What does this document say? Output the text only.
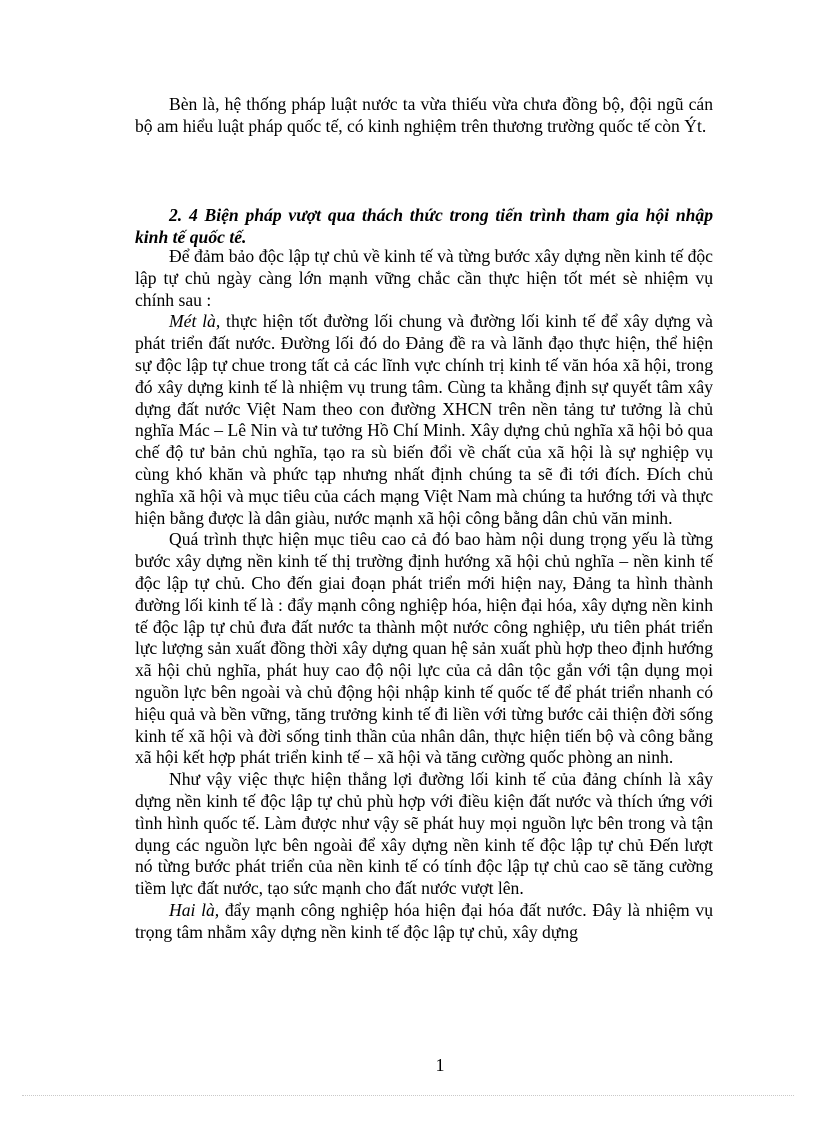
Bèn là, hệ thống pháp luật nước ta vừa thiếu vừa chưa đồng bộ, đội ngũ cán bộ am hiểu luật pháp quốc tế, có kinh nghiệm trên thương trường quốc tế còn Ýt.

2. 4 Biện pháp vượt qua thách thức trong tiến trình tham gia hội nhập kinh tế quốc tế.

Để đảm bảo độc lập tự chủ về kinh tế và từng bước xây dựng nền kinh tế độc lập tự chủ ngày càng lớn mạnh vững chắc cần thực hiện tốt mét sè nhiệm vụ chính sau :

Mét là, thực hiện tốt đường lối chung và đường lối kinh tế để xây dựng và phát triển đất nước. Đường lối đó do Đảng đề ra và lãnh đạo thực hiện, thể hiện sự độc lập tự chue trong tất cả các lĩnh vực chính trị kinh tế văn hóa xã hội, trong đó xây dựng kinh tế là nhiệm vụ trung tâm. Cùng ta khẳng định sự quyết tâm xây dựng đất nước Việt Nam theo con đường XHCN trên nền tảng tư tưởng là chủ nghĩa Mác – Lê Nin và tư tưởng Hồ Chí Minh. Xây dựng chủ nghĩa xã hội bỏ qua chế độ tư bản chủ nghĩa, tạo ra sù biến đổi về chất của xã hội là sự nghiệp vụ cùng khó khăn và phức tạp nhưng nhất định chúng ta sẽ đi tới đích. Đích chủ nghĩa xã hội và mục tiêu của cách mạng Việt Nam mà chúng ta hướng tới và thực hiện bằng được là dân giàu, nước mạnh xã hội công bằng dân chủ văn minh.

Quá trình thực hiện mục tiêu cao cả đó bao hàm nội dung trọng yếu là từng bước xây dựng nền kinh tế thị trường định hướng xã hội chủ nghĩa – nền kinh tế độc lập tự chủ. Cho đến giai đoạn phát triển mới hiện nay, Đảng ta hình thành đường lối kinh tế là : đẩy mạnh công nghiệp hóa, hiện đại hóa, xây dựng nền kinh tế độc lập tự chủ đưa đất nước ta thành một nước công nghiệp, ưu tiên phát triển lực lượng sản xuất đồng thời xây dựng quan hệ sản xuất phù hợp theo định hướng xã hội chủ nghĩa, phát huy cao độ nội lực của cả dân tộc gắn với tận dụng mọi nguồn lực bên ngoài và chủ động hội nhập kinh tế quốc tế để phát triển nhanh có hiệu quả và bền vững, tăng trưởng kinh tế đi liền với từng bước cải thiện đời sống kinh tế xã hội và đời sống tinh thần của nhân dân, thực hiện tiến bộ và công bằng xã hội kết hợp phát triển kinh tế – xã hội và tăng cường quốc phòng an ninh.

Như vậy việc thực hiện thắng lợi đường lối kinh tế của đảng chính là xây dựng nền kinh tế độc lập tự chủ phù hợp với điều kiện đất nước và thích ứng với tình hình quốc tế. Làm được như vậy sẽ phát huy mọi nguồn lực bên trong và tận dụng các nguồn lực bên ngoài để xây dựng nền kinh tế độc lập tự chủ Đến lượt nó từng bước phát triển của nền kinh tế có tính độc lập tự chủ cao sẽ tăng cường tiềm lực đất nước, tạo sức mạnh cho đất nước vượt lên.

Hai là, đẩy mạnh công nghiệp hóa hiện đại hóa đất nước. Đây là nhiệm vụ trọng tâm nhằm xây dựng nền kinh tế độc lập tự chủ, xây dựng

1
